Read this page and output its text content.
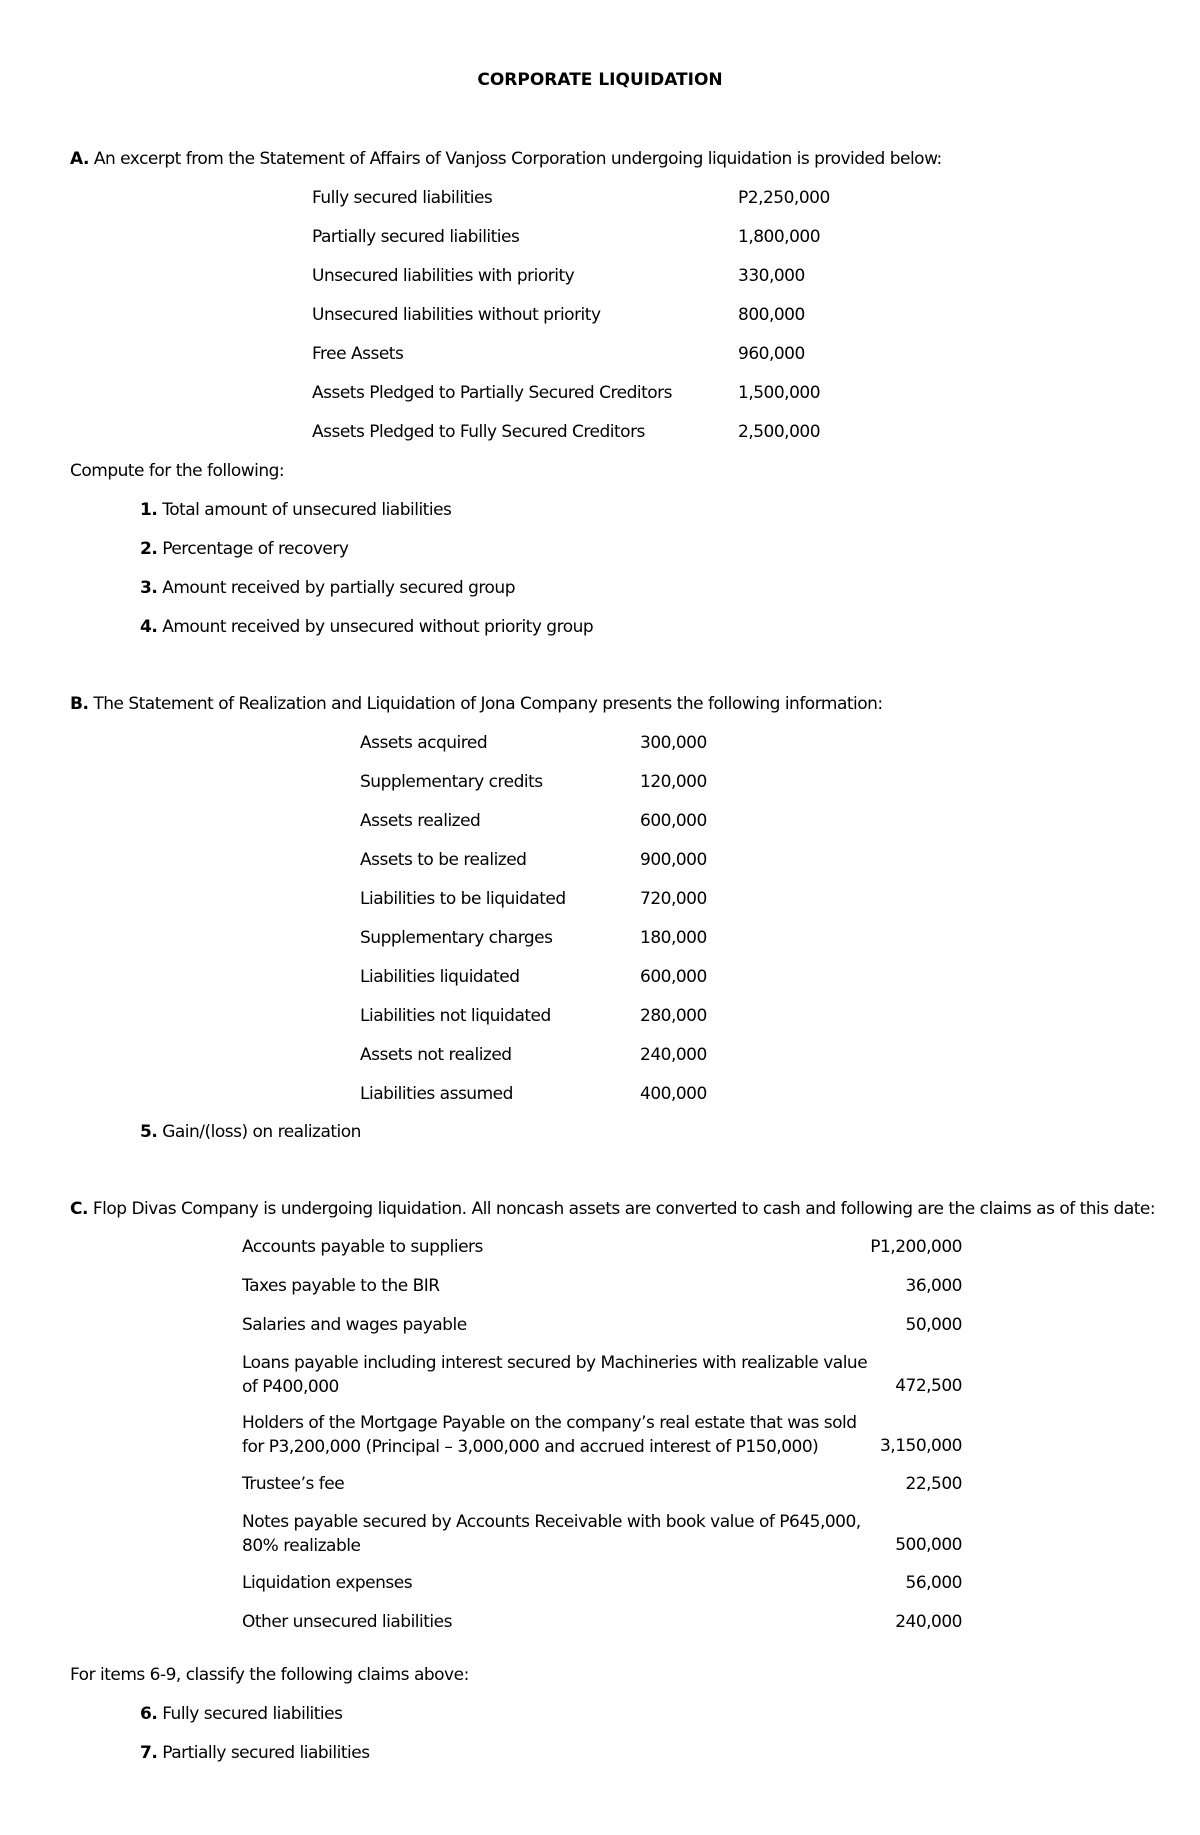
CORPORATE LIQUIDATION
A. An excerpt from the Statement of Affairs of Vanjoss Corporation undergoing liquidation is provided below:
Fully secured liabilities	P2,250,000
Partially secured liabilities	1,800,000
Unsecured liabilities with priority	330,000
Unsecured liabilities without priority	800,000
Free Assets	960,000
Assets Pledged to Partially Secured Creditors	1,500,000
Assets Pledged to Fully Secured Creditors	2,500,000
Compute for the following:
1. Total amount of unsecured liabilities
2. Percentage of recovery
3. Amount received by partially secured group
4. Amount received by unsecured without priority group
B. The Statement of Realization and Liquidation of Jona Company presents the following information:
Assets acquired	300,000
Supplementary credits	120,000
Assets realized	600,000
Assets to be realized	900,000
Liabilities to be liquidated	720,000
Supplementary charges	180,000
Liabilities liquidated	600,000
Liabilities not liquidated	280,000
Assets not realized	240,000
Liabilities assumed	400,000
5. Gain/(loss) on realization
C. Flop Divas Company is undergoing liquidation. All noncash assets are converted to cash and following are the claims as of this date:
Accounts payable to suppliers	P1,200,000
Taxes payable to the BIR	36,000
Salaries and wages payable	50,000
Loans payable including interest secured by Machineries with realizable value
of P400,000	472,500
Holders of the Mortgage Payable on the company’s real estate that was sold
for P3,200,000 (Principal – 3,000,000 and accrued interest of P150,000)	3,150,000
Trustee’s fee	22,500
Notes payable secured by Accounts Receivable with book value of P645,000,
80% realizable	500,000
Liquidation expenses	56,000
Other unsecured liabilities	240,000
For items 6-9, classify the following claims above:
6. Fully secured liabilities
7. Partially secured liabilities
